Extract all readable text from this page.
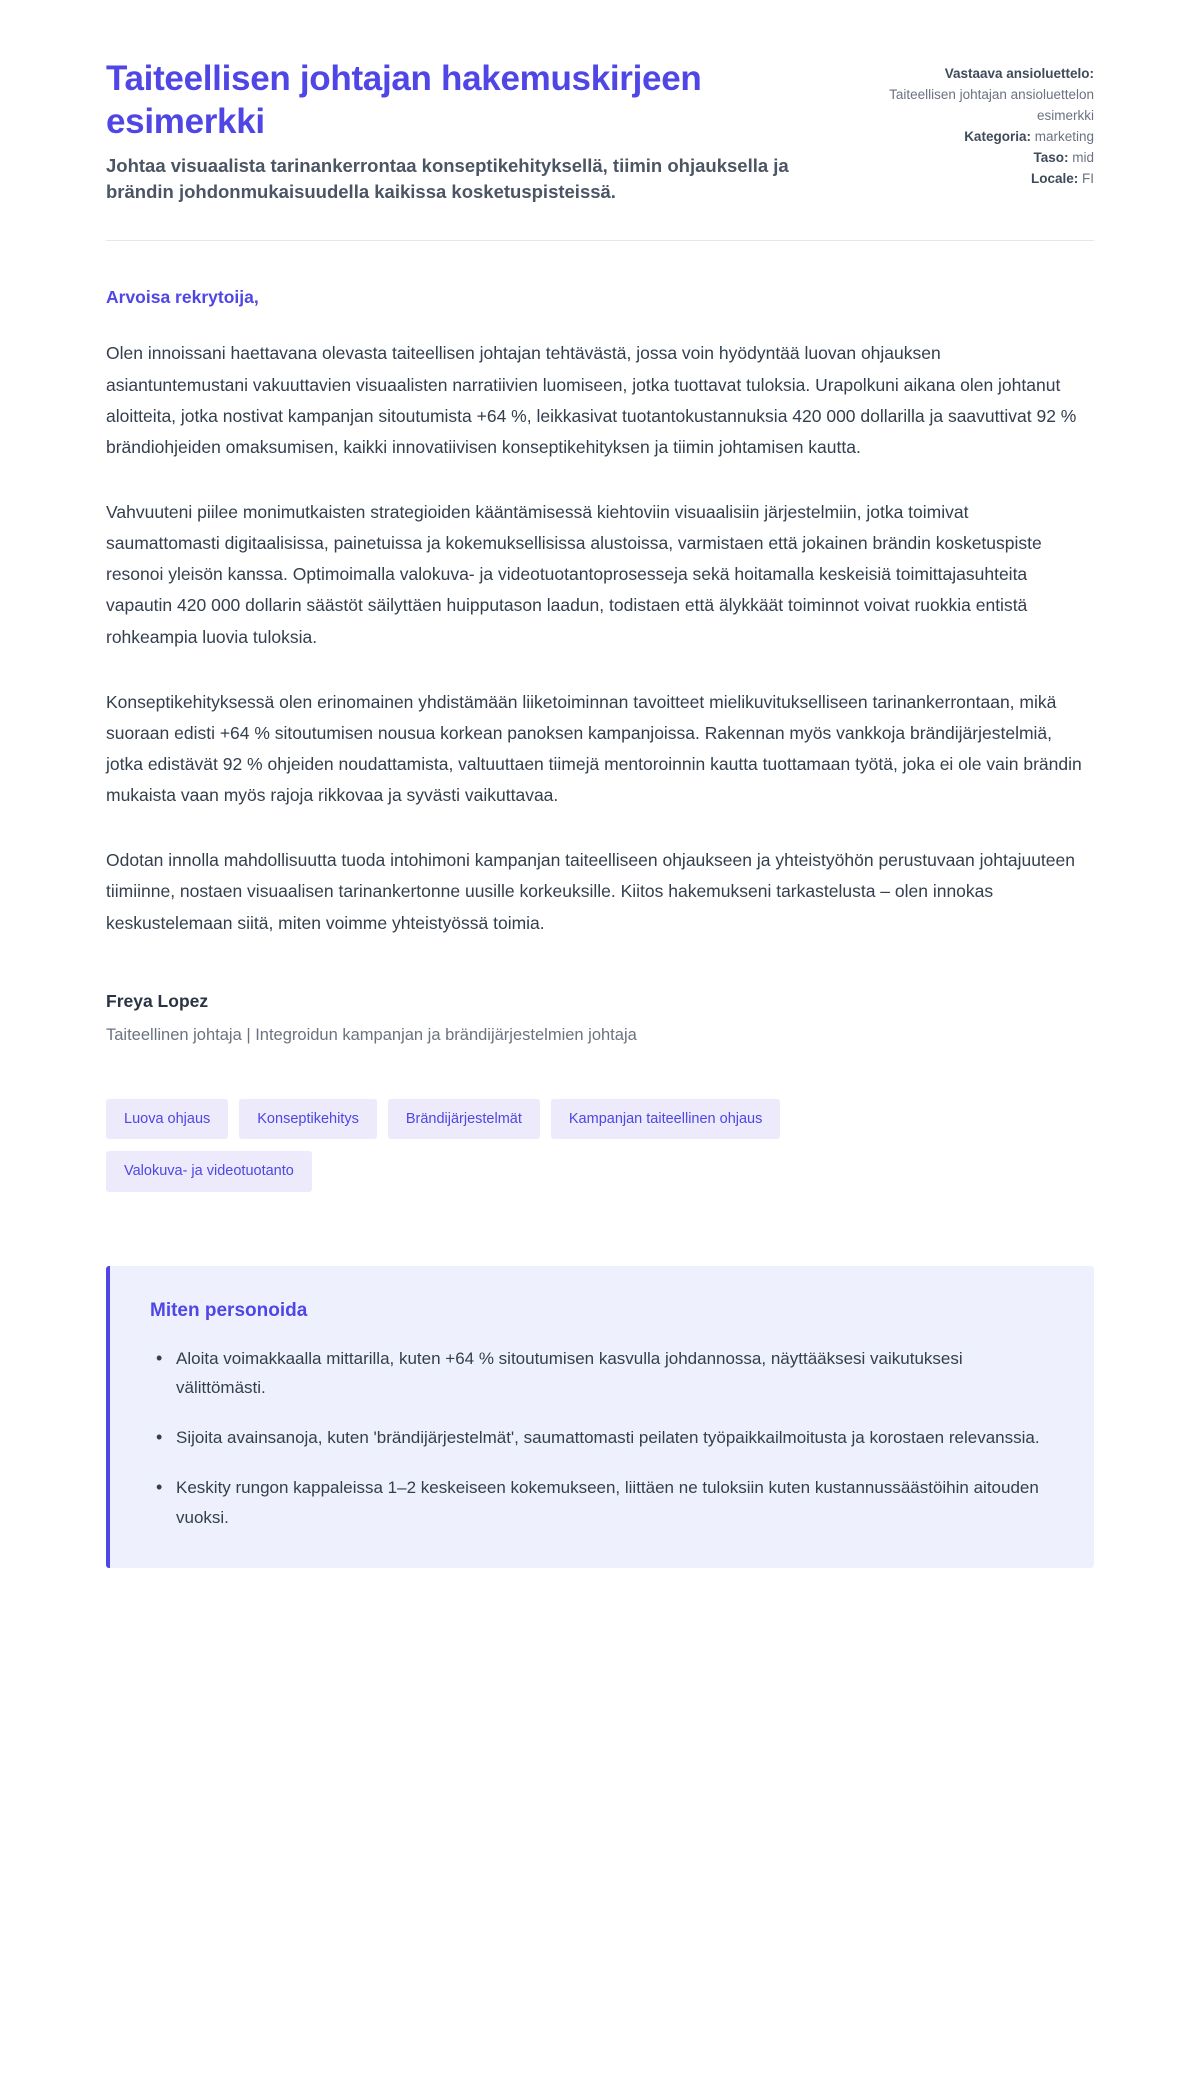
Taiteellisen johtajan hakemuskirjeen esimerkki

Johtaa visuaalista tarinankerrontaa konseptikehityksellä, tiimin ohjauksella ja brändin johdonmukaisuudella kaikissa kosketuspisteissä.

Vastaava ansioluettelo:
Taiteellisen johtajan ansioluettelon esimerkki
Kategoria: marketing
Taso: mid
Locale: FI

Arvoisa rekrytoija,

Olen innoissani haettavana olevasta taiteellisen johtajan tehtävästä, jossa voin hyödyntää luovan ohjauksen asiantuntemustani vakuuttavien visuaalisten narratiivien luomiseen, jotka tuottavat tuloksia. Urapolkuni aikana olen johtanut aloitteita, jotka nostivat kampanjan sitoutumista +64 %, leikkasivat tuotantokustannuksia 420 000 dollarilla ja saavuttivat 92 % brändiohjeiden omaksumisen, kaikki innovatiivisen konseptikehityksen ja tiimin johtamisen kautta.

Vahvuuteni piilee monimutkaisten strategioiden kääntämisessä kiehtoviin visuaalisiin järjestelmiin, jotka toimivat saumattomasti digitaalisissa, painetuissa ja kokemuksellisissa alustoissa, varmistaen että jokainen brändin kosketuspiste resonoi yleisön kanssa. Optimoimalla valokuva- ja videotuotantoprosesseja sekä hoitamalla keskeisiä toimittajasuhteita vapautin 420 000 dollarin säästöt säilyttäen huipputason laadun, todistaen että älykkäät toiminnot voivat ruokkia entistä rohkeampia luovia tuloksia.

Konseptikehityksessä olen erinomainen yhdistämään liiketoiminnan tavoitteet mielikuvitukselliseen tarinankerrontaan, mikä suoraan edisti +64 % sitoutumisen nousua korkean panoksen kampanjoissa. Rakennan myös vankkoja brändijärjestelmiä, jotka edistävät 92 % ohjeiden noudattamista, valtuuttaen tiimejä mentoroinnin kautta tuottamaan työtä, joka ei ole vain brändin mukaista vaan myös rajoja rikkovaa ja syvästi vaikuttavaa.

Odotan innolla mahdollisuutta tuoda intohimoni kampanjan taiteelliseen ohjaukseen ja yhteistyöhön perustuvaan johtajuuteen tiimiinne, nostaen visuaalisen tarinankertonne uusille korkeuksille. Kiitos hakemukseni tarkastelusta – olen innokas keskustelemaan siitä, miten voimme yhteistyössä toimia.

Freya Lopez

Taiteellinen johtaja | Integroidun kampanjan ja brändijärjestelmien johtaja

Luova ohjaus	Konseptikehitys	Brändijärjestelmät	Kampanjan taiteellinen ohjaus
Valokuva- ja videotuotanto

Miten personoida

• Aloita voimakkaalla mittarilla, kuten +64 % sitoutumisen kasvulla johdannossa, näyttääksesi vaikutuksesi välittömästi.
• Sijoita avainsanoja, kuten 'brändijärjestelmät', saumattomasti peilaten työpaikkailmoitusta ja korostaen relevanssia.
• Keskity rungon kappaleissa 1–2 keskeiseen kokemukseen, liittäen ne tuloksiin kuten kustannussäästöihin aitouden vuoksi.
